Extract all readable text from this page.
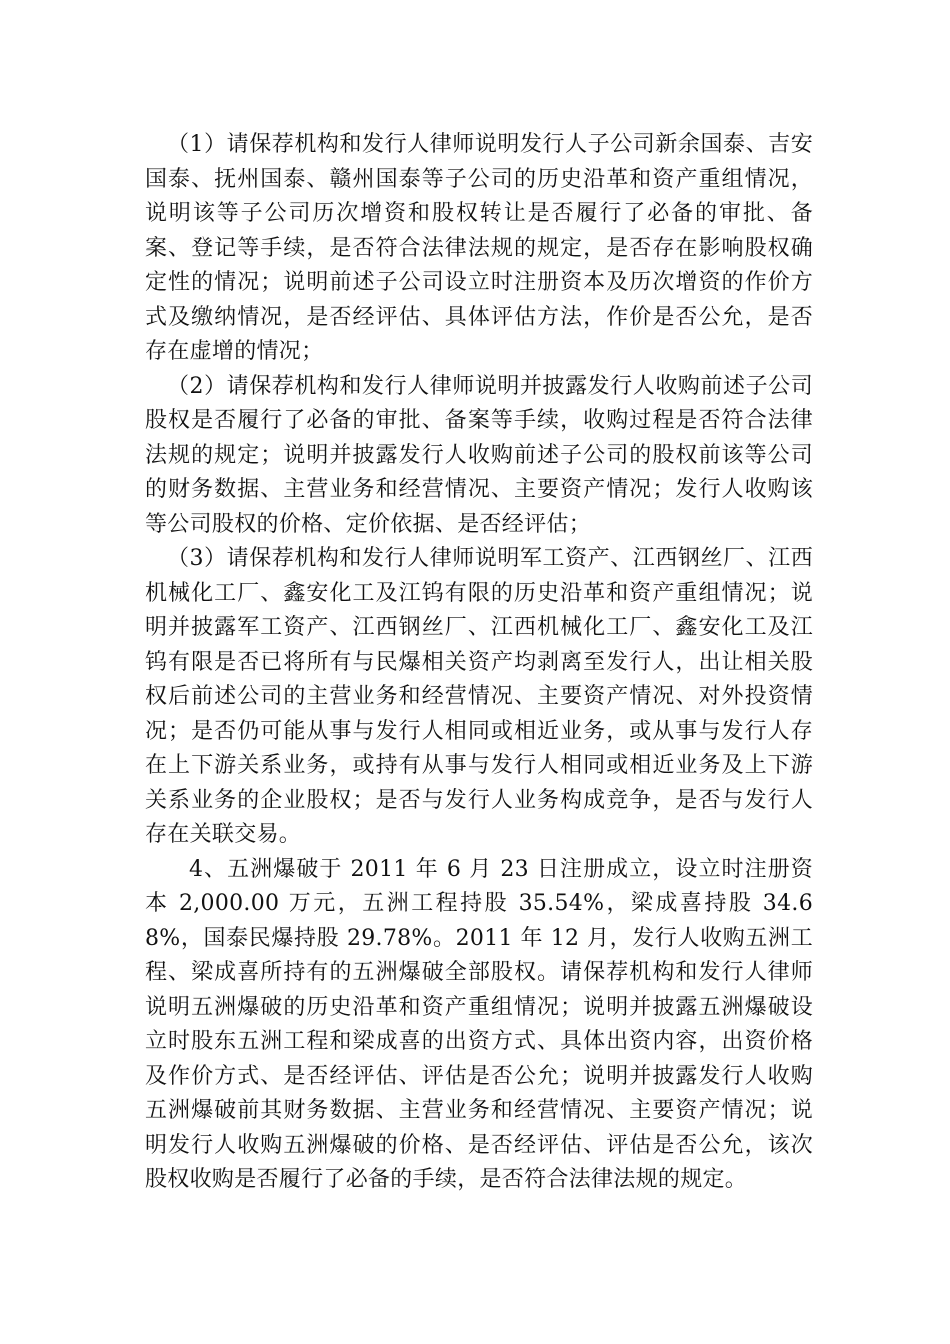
（1）请保荐机构和发行人律师说明发行人子公司新余国泰、吉安国泰、抚州国泰、赣州国泰等子公司的历史沿革和资产重组情况，说明该等子公司历次增资和股权转让是否履行了必备的审批、备案、登记等手续，是否符合法律法规的规定，是否存在影响股权确定性的情况；说明前述子公司设立时注册资本及历次增资的作价方式及缴纳情况，是否经评估、具体评估方法，作价是否公允，是否存在虚增的情况；

（2）请保荐机构和发行人律师说明并披露发行人收购前述子公司股权是否履行了必备的审批、备案等手续，收购过程是否符合法律法规的规定；说明并披露发行人收购前述子公司的股权前该等公司的财务数据、主营业务和经营情况、主要资产情况；发行人收购该等公司股权的价格、定价依据、是否经评估；

（3）请保荐机构和发行人律师说明军工资产、江西钢丝厂、江西机械化工厂、鑫安化工及江钨有限的历史沿革和资产重组情况；说明并披露军工资产、江西钢丝厂、江西机械化工厂、鑫安化工及江钨有限是否已将所有与民爆相关资产均剥离至发行人，出让相关股权后前述公司的主营业务和经营情况、主要资产情况、对外投资情况；是否仍可能从事与发行人相同或相近业务，或从事与发行人存在上下游关系业务，或持有从事与发行人相同或相近业务及上下游关系业务的企业股权；是否与发行人业务构成竞争，是否与发行人存在关联交易。

4、五洲爆破于 2011 年 6 月 23 日注册成立，设立时注册资本 2,000.00 万元，五洲工程持股 35.54%，梁成喜持股 34.68%，国泰民爆持股 29.78%。2011 年 12 月，发行人收购五洲工程、梁成喜所持有的五洲爆破全部股权。请保荐机构和发行人律师说明五洲爆破的历史沿革和资产重组情况；说明并披露五洲爆破设立时股东五洲工程和梁成喜的出资方式、具体出资内容，出资价格及作价方式、是否经评估、评估是否公允；说明并披露发行人收购五洲爆破前其财务数据、主营业务和经营情况、主要资产情况；说明发行人收购五洲爆破的价格、是否经评估、评估是否公允，该次股权收购是否履行了必备的手续，是否符合法律法规的规定。
